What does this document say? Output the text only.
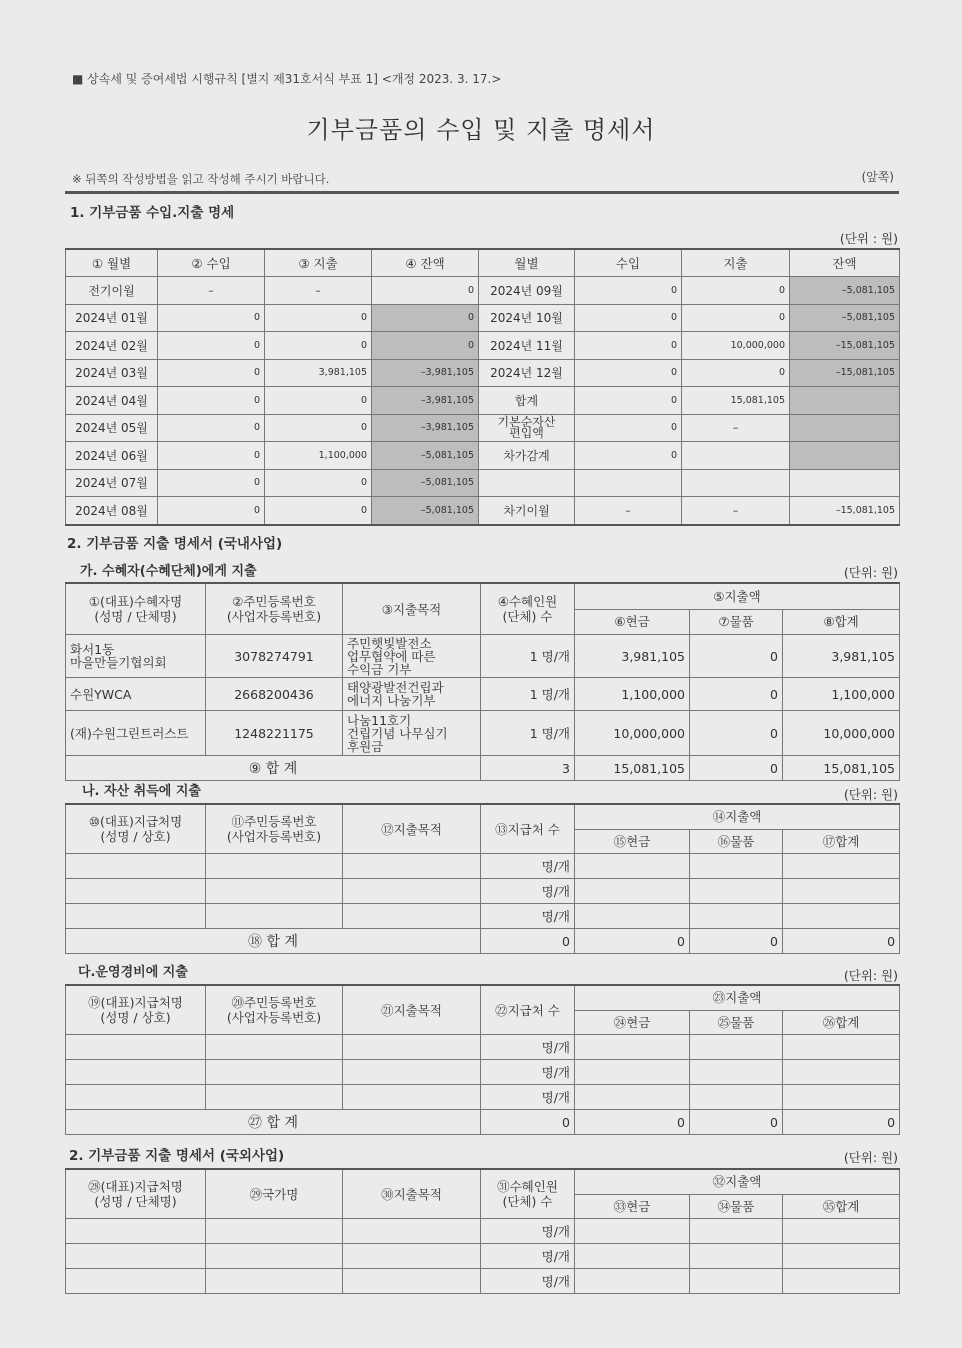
■ 상속세 및 증여세법 시행규칙 [별지 제31호서식 부표 1] <개정 2023. 3. 17.>
기부금품의 수입 및 지출 명세서
※ 뒤쪽의 작성방법을 읽고 작성해 주시기 바랍니다.	(앞쪽)
1. 기부금품 수입.지출 명세
(단위 : 원)
① 월별	② 수입	③ 지출	④ 잔액	월별	수입	지출	잔액
전기이월	–	–	0	2024년 09월	0	0	–5,081,105
2024년 01월	0	0	0	2024년 10월	0	0	–5,081,105
2024년 02월	0	0	0	2024년 11월	0	10,000,000	–15,081,105
2024년 03월	0	3,981,105	–3,981,105	2024년 12월	0	0	–15,081,105
2024년 04월	0	0	–3,981,105	합계	0	15,081,105	
2024년 05월	0	0	–3,981,105	기본순자산
편입액	0	–	
2024년 06월	0	1,100,000	–5,081,105	차가감계	0		
2024년 07월	0	0	–5,081,105				
2024년 08월	0	0	–5,081,105	차기이월	–	–	–15,081,105
2. 기부금품 지출 명세서 (국내사업)
가. 수혜자(수혜단체)에게 지출	(단위: 원)
①(대표)수혜자명
(성명 / 단체명)	②주민등록번호
(사업자등록번호)	③지출목적	④수혜인원
(단체) 수	⑤지출액		
				⑥현금	⑦물품	⑧합계
화서1동
마을만들기협의회	3078274791	주민햇빛발전소
업무협약에 따른
수익금 기부	1 명/개	3,981,105	0	3,981,105
수원YWCA	2668200436	태양광발전건립과
에너지 나눔기부	1 명/개	1,100,000	0	1,100,000
(재)수원그린트러스트	1248221175	나눔11호기
건립기념 나무심기
후원금	1 명/개	10,000,000	0	10,000,000
⑨ 합 계			3	15,081,105	0	15,081,105
나. 자산 취득에 지출	(단위: 원)
⑩(대표)지급처명
(성명 / 상호)	⑪주민등록번호
(사업자등록번호)	⑫지출목적	⑬지급처 수	⑭지출액		
				⑮현금	⑯물품	⑰합계
			명/개			
			명/개			
			명/개			
⑱ 합 계			0	0	0	0
다.운영경비에 지출	(단위: 원)
⑲(대표)지급처명
(성명 / 상호)	⑳주민등록번호
(사업자등록번호)	㉑지출목적	㉒지급처 수	㉓지출액		
				㉔현금	㉕물품	㉖합계
			명/개			
			명/개			
			명/개			
㉗ 합 계			0	0	0	0
2. 기부금품 지출 명세서 (국외사업)	(단위: 원)
㉘(대표)지급처명
(성명 / 단체명)	㉙국가명	㉚지출목적	㉛수혜인원
(단체) 수	㉜지출액		
				㉝현금	㉞물품	㉟합계
			명/개			
			명/개			
			명/개			
